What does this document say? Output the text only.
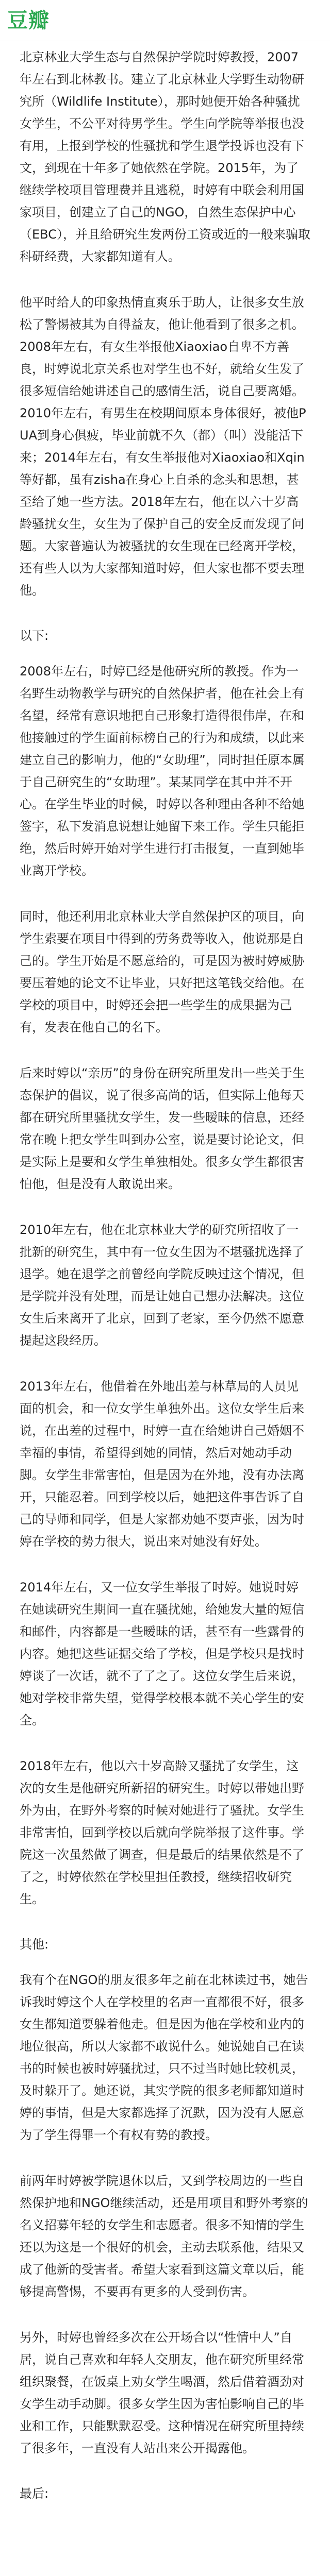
豆瓣

北京林业大学生态与自然保护学院时婷教授，2007年左右到北林教书。建立了北京林业大学野生动物研究所（Wildlife Institute），那时她便开始各种骚扰女学生，不公平对待男学生。学生向学院等举报也没有用，上报到学校的性骚扰和学生退学投诉也没有下文，到现在十年多了她依然在学院。2015年，为了继续学校项目管理费并且逃税，时婷有中联会利用国家项目，创建立了自己的NGO，自然生态保护中心（EBC），并且给研究生发两份工资或近的一般来骗取科研经费，大家都知道有人。

他平时给人的印象热情直爽乐于助人，让很多女生放松了警惕被其为自得益友，他让他看到了很多之机。2008年左右，有女生举报他Xiaoxiao自卑不方善良，时婷说北京关系也对学生也不好，就给女生发了很多短信给她讲述自己的感情生活，说自己要离婚。2010年左右，有男生在校期间原本身体很好，被他PUA到身心俱疲，毕业前就不久（都）（叫）没能活下来；2014年左右，有女生举报他对Xiaoxiao和Xqin等好都，虽有zisha在身心上自杀的念头和思想，甚至给了她一些方法。2018年左右，他在以六十岁高龄骚扰女生，女生为了保护自己的安全反而发现了问题。大家普遍认为被骚扰的女生现在已经离开学校，还有些人以为大家都知道时婷，但大家也都不要去理他。

以下:

2008年左右，时婷已经是他研究所的教授。作为一名野生动物教学与研究的自然保护者，他在社会上有名望，经常有意识地把自己形象打造得很伟岸，在和他接触过的学生面前标榜自己的行为和成绩，以此来建立自己的影响力，他的“女助理”，同时担任原本属于自己研究生的“女助理”。某某同学在其中并不开心。在学生毕业的时候，时婷以各种理由各种不给她签字，私下发消息说想让她留下来工作。学生只能拒绝，然后时婷开始对学生进行打击报复，一直到她毕业离开学校。

同时，他还利用北京林业大学自然保护区的项目，向学生索要在项目中得到的劳务费等收入，他说那是自己的。学生开始是不愿意给的，可是因为被时婷威胁要压着她的论文不让毕业，只好把这笔钱交给他。在学校的项目中，时婷还会把一些学生的成果据为己有，发表在他自己的名下。

后来时婷以“亲历”的身份在研究所里发出一些关于生态保护的倡议，说了很多高尚的话，但实际上他每天都在研究所里骚扰女学生，发一些暧昧的信息，还经常在晚上把女学生叫到办公室，说是要讨论论文，但是实际上是要和女学生单独相处。很多女学生都很害怕他，但是没有人敢说出来。

2010年左右，他在北京林业大学的研究所招收了一批新的研究生，其中有一位女生因为不堪骚扰选择了退学。她在退学之前曾经向学院反映过这个情况，但是学院并没有处理，而是让她自己想办法解决。这位女生后来离开了北京，回到了老家，至今仍然不愿意提起这段经历。

2013年左右，他借着在外地出差与林草局的人员见面的机会，和一位女学生单独外出。这位女学生后来说，在出差的过程中，时婷一直在给她讲自己婚姻不幸福的事情，希望得到她的同情，然后对她动手动脚。女学生非常害怕，但是因为在外地，没有办法离开，只能忍着。回到学校以后，她把这件事告诉了自己的导师和同学，但是大家都劝她不要声张，因为时婷在学校的势力很大，说出来对她没有好处。

2014年左右，又一位女学生举报了时婷。她说时婷在她读研究生期间一直在骚扰她，给她发大量的短信和邮件，内容都是一些暧昧的话，甚至有一些露骨的内容。她把这些证据交给了学校，但是学校只是找时婷谈了一次话，就不了了之了。这位女学生后来说，她对学校非常失望，觉得学校根本就不关心学生的安全。

2018年左右，他以六十岁高龄又骚扰了女学生，这次的女生是他研究所新招的研究生。时婷以带她出野外为由，在野外考察的时候对她进行了骚扰。女学生非常害怕，回到学校以后就向学院举报了这件事。学院这一次虽然做了调查，但是最后的结果依然是不了了之，时婷依然在学校里担任教授，继续招收研究生。

其他:

我有个在NGO的朋友很多年之前在北林读过书，她告诉我时婷这个人在学校里的名声一直都很不好，很多女生都知道要躲着他走。但是因为他在学校和业内的地位很高，所以大家都不敢说什么。她说她自己在读书的时候也被时婷骚扰过，只不过当时她比较机灵，及时躲开了。她还说，其实学院的很多老师都知道时婷的事情，但是大家都选择了沉默，因为没有人愿意为了学生得罪一个有权有势的教授。

前两年时婷被学院退休以后，又到学校周边的一些自然保护地和NGO继续活动，还是用项目和野外考察的名义招募年轻的女学生和志愿者。很多不知情的学生还以为这是一个很好的机会，主动去联系他，结果又成了他新的受害者。希望大家看到这篇文章以后，能够提高警惕，不要再有更多的人受到伤害。

另外，时婷也曾经多次在公开场合以“性情中人”自居，说自己喜欢和年轻人交朋友，他在研究所里经常组织聚餐，在饭桌上劝女学生喝酒，然后借着酒劲对女学生动手动脚。很多女学生因为害怕影响自己的毕业和工作，只能默默忍受。这种情况在研究所里持续了很多年，一直没有人站出来公开揭露他。

最后:
